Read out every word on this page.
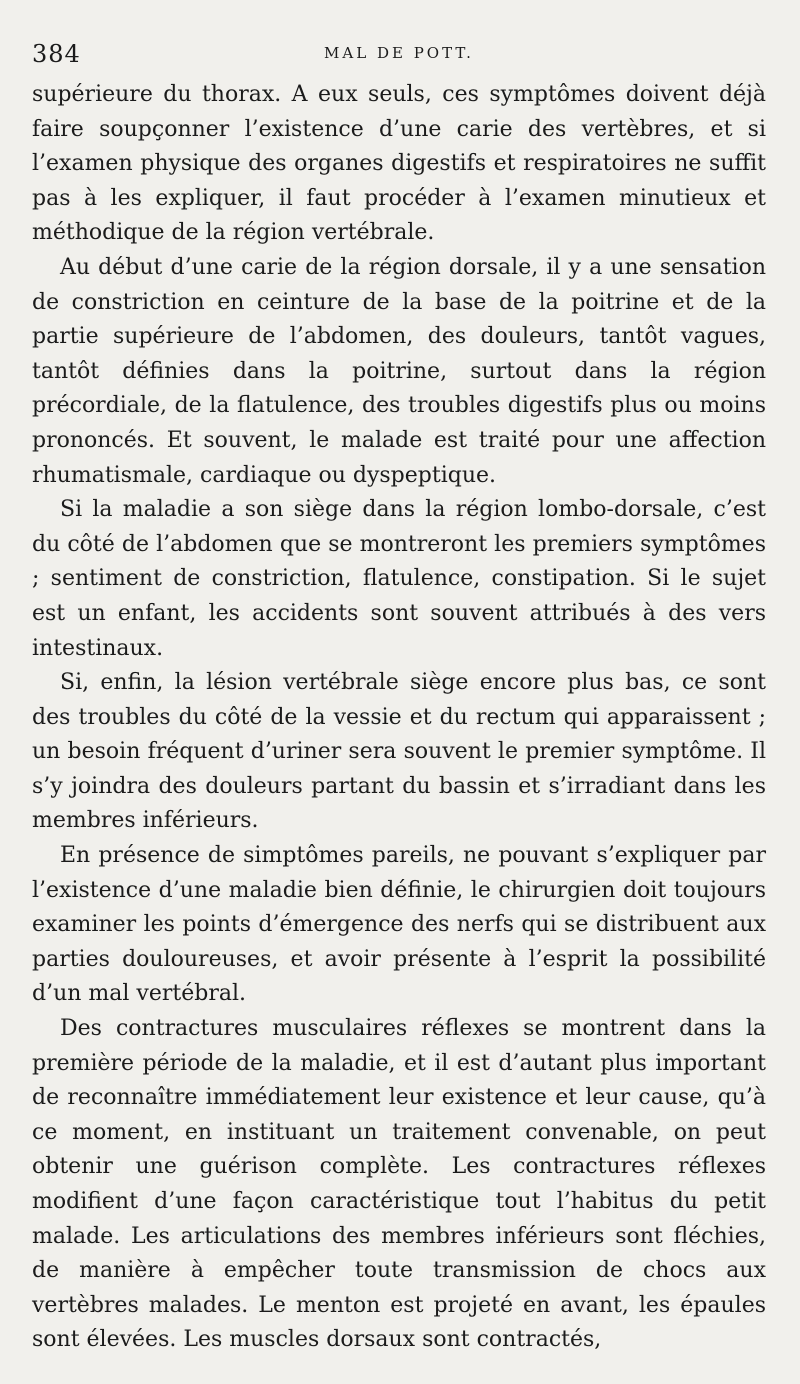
384	MAL DE POTT.

supérieure du thorax. A eux seuls, ces symptômes doivent déjà faire soupçonner l’existence d’une carie des vertèbres, et si l’examen physique des organes digestifs et respiratoires ne suffit pas à les expliquer, il faut procéder à l’examen minutieux et méthodique de la région vertébrale.

Au début d’une carie de la région dorsale, il y a une sensation de constriction en ceinture de la base de la poitrine et de la partie supérieure de l’abdomen, des douleurs, tantôt vagues, tantôt définies dans la poitrine, surtout dans la région précordiale, de la flatulence, des troubles digestifs plus ou moins prononcés. Et souvent, le malade est traité pour une affection rhumatismale, cardiaque ou dyspeptique.

Si la maladie a son siège dans la région lombo-dorsale, c’est du côté de l’abdomen que se montreront les premiers symptômes ; sentiment de constriction, flatulence, constipation. Si le sujet est un enfant, les accidents sont souvent attribués à des vers intestinaux.

Si, enfin, la lésion vertébrale siège encore plus bas, ce sont des troubles du côté de la vessie et du rectum qui apparaissent ; un besoin fréquent d’uriner sera souvent le premier symptôme. Il s’y joindra des douleurs partant du bassin et s’irradiant dans les membres inférieurs.

En présence de simptômes pareils, ne pouvant s’expliquer par l’existence d’une maladie bien définie, le chirurgien doit toujours examiner les points d’émergence des nerfs qui se distribuent aux parties douloureuses, et avoir présente à l’esprit la possibilité d’un mal vertébral.

Des contractures musculaires réflexes se montrent dans la première période de la maladie, et il est d’autant plus important de reconnaître immédiatement leur existence et leur cause, qu’à ce moment, en instituant un traitement convenable, on peut obtenir une guérison complète. Les contractures réflexes modifient d’une façon caractéristique tout l’habitus du petit malade. Les articulations des membres inférieurs sont fléchies, de manière à empêcher toute transmission de chocs aux vertèbres malades. Le menton est projeté en avant, les épaules sont élevées. Les muscles dorsaux sont contractés,
